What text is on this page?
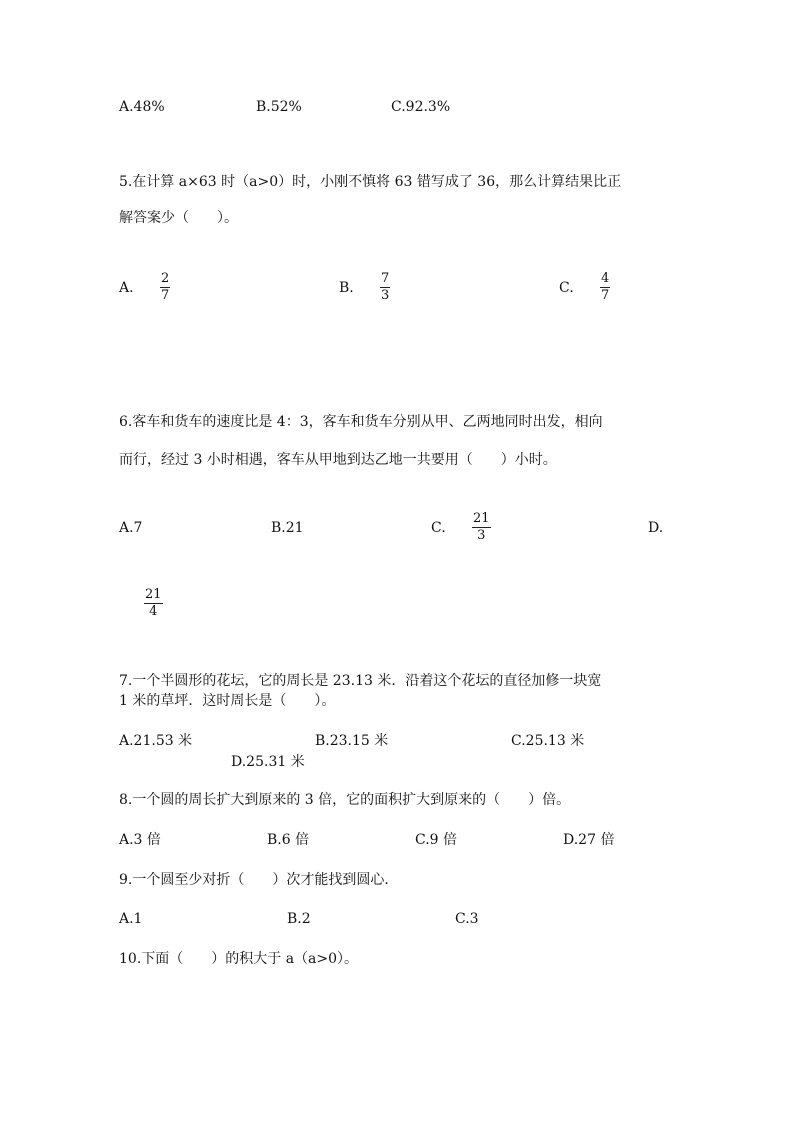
A.48%	B.52%	C.92.3%
5.在计算 a×63 时（a>0）时，小刚不慎将 63 错写成了 36，那么计算结果比正
解答案少（　　）。
A.
2
7	B.
7
3	C.
4
7
6.客车和货车的速度比是 4：3，客车和货车分别从甲、乙两地同时出发，相向
而行，经过 3 小时相遇，客车从甲地到达乙地一共要用（　　）小时。
A.7	B.21	C.
21
3	D.
21
4
7.一个半圆形的花坛，它的周长是 23.13 米．沿着这个花坛的直径加修一块宽
1 米的草坪．这时周长是（　　）。
A.21.53 米	B.23.15 米	C.25.13 米
D.25.31 米
8.一个圆的周长扩大到原来的 3 倍，它的面积扩大到原来的（　　）倍。
A.3 倍	B.6 倍	C.9 倍	D.27 倍
9.一个圆至少对折（　　）次才能找到圆心．
A.1	B.2	C.3
10.下面（　　）的积大于 a（a>0）。
